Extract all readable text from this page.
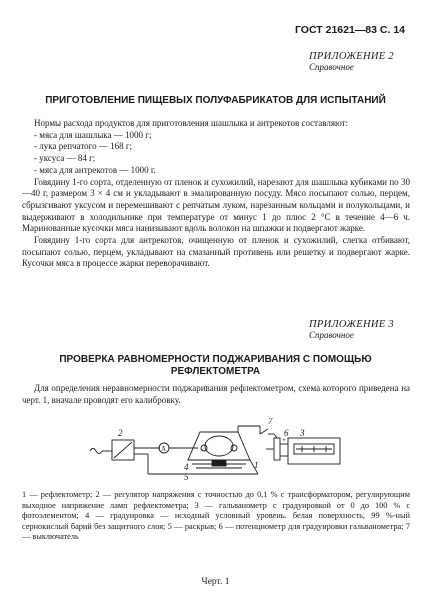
ГОСТ 21621—83 С. 14
ПРИЛОЖЕНИЕ 2
Справочное
ПРИГОТОВЛЕНИЕ ПИЩЕВЫХ ПОЛУФАБРИКАТОВ ДЛЯ ИСПЫТАНИЙ

Нормы расхода продуктов для приготовления шашлыка и антрекотов составляют:

- мяса для шашлыка — 1000 г;

- лука репчатого — 168 г;

- уксуса — 84 г;

- мяса для антрекотов — 1000 г.

Говядину 1-го сорта, отделенную от пленок и сухожилий, нарезают для шашлыка кубиками по 30—40 г, размером 3 × 4 см и укладывают в эмалированную посуду. Мясо посыпают солью, перцем, сбрызгивают уксусом и перемешивают с репчатым луком, нарезанным кольцами и полукольцами, и выдерживают в холодильнике при температуре от минус 1 до плюс 2 °С в течение 4—6 ч. Маринованные кусочки мяса нанизывают вдоль волокон на шпажки и подвергают жарке.

Говядину 1-го сорта для антрекотов, очищенную от пленок и сухожилий, слегка отбивают, посыпают солью, перцем, укладывают на смазанный противень или решетку и подвергают жарке. Кусочки мяса в процессе жарки переворачивают.

ПРИЛОЖЕНИЕ 3
Справочное
ПРОВЕРКА РАВНОМЕРНОСТИ ПОДЖАРИВАНИЯ С ПОМОЩЬЮ
РЕФЛЕКТОМЕТРА

Для определения неравномерности поджаривания рефлектометром, схема которого приведена на черт. 1, вначале проводят его калибровку.

2
A
4
5
1
7
6 3
+
1 — рефлектометр; 2 — регулятор напряжения с точностью до 0,1 % с трансформатором, регулирующим выходное напряжение ламп рефлектометра; 3 — гальванометр с градуировкой от 0 до 100 % с фотоэлементом; 4 — градуировка — исходный условный уровень. белая поверхность, 99 %-ный сернокислый барий без защитного слоя; 5 — раскрыв; 6 — потенциометр для градуировки гальванометра; 7 — выключатель
Черт. 1
